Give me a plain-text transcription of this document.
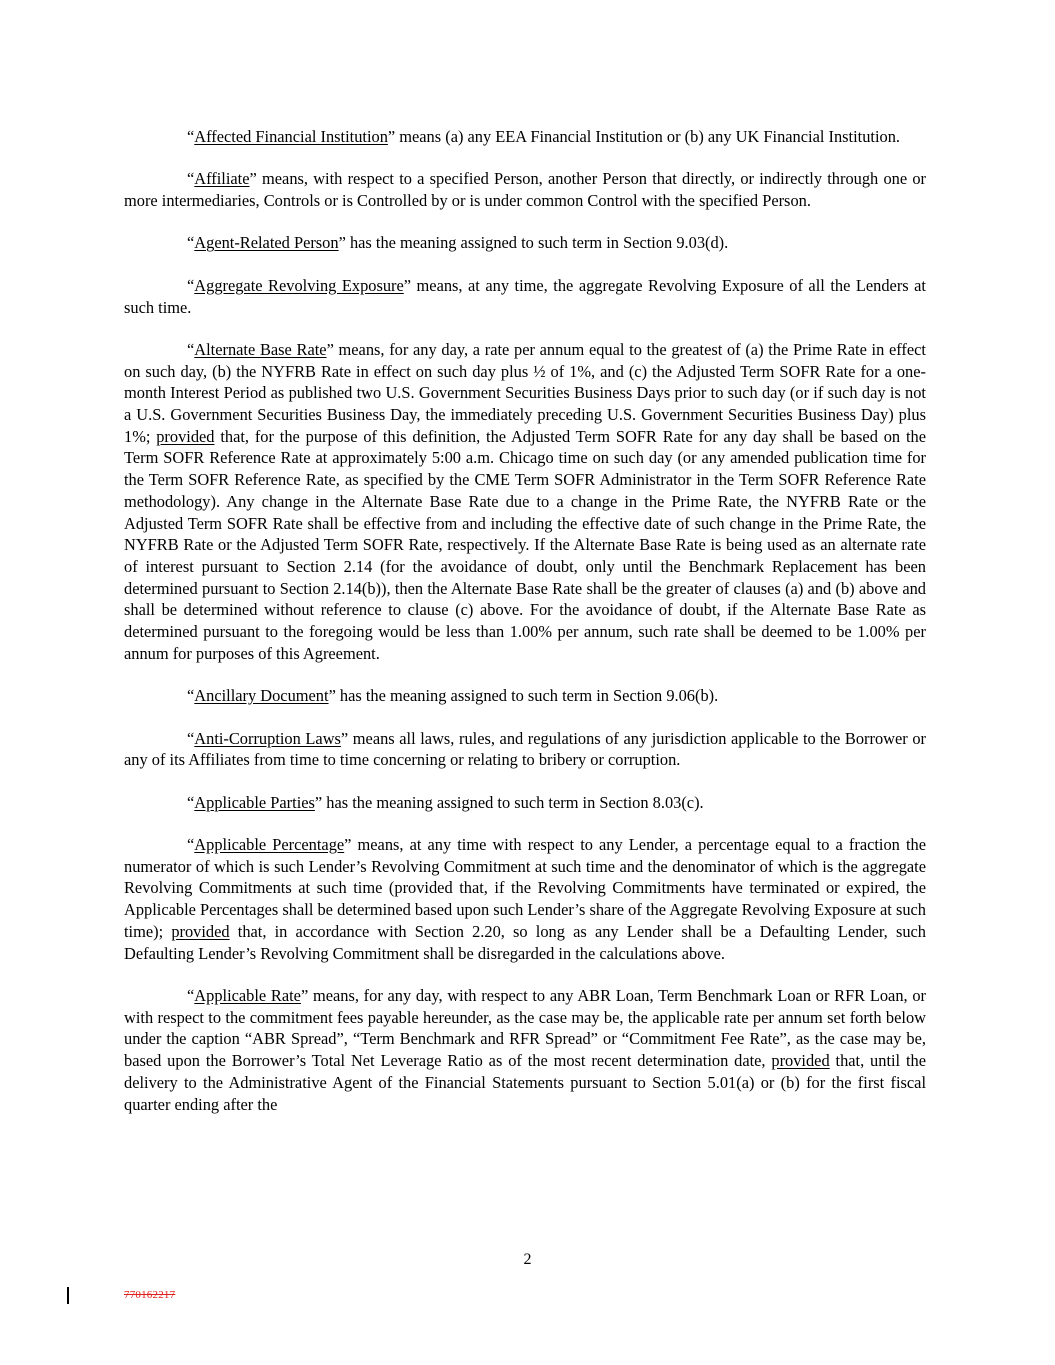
“Affected Financial Institution” means (a) any EEA Financial Institution or (b) any UK Financial Institution.

“Affiliate” means, with respect to a specified Person, another Person that directly, or indirectly through one or more intermediaries, Controls or is Controlled by or is under common Control with the specified Person.

“Agent-Related Person” has the meaning assigned to such term in Section 9.03(d).

“Aggregate Revolving Exposure” means, at any time, the aggregate Revolving Exposure of all the Lenders at such time.

“Alternate Base Rate” means, for any day, a rate per annum equal to the greatest of (a) the Prime Rate in effect on such day, (b) the NYFRB Rate in effect on such day plus ½ of 1%, and (c) the Adjusted Term SOFR Rate for a one-month Interest Period as published two U.S. Government Securities Business Days prior to such day (or if such day is not a U.S. Government Securities Business Day, the immediately preceding U.S. Government Securities Business Day) plus 1%; provided that, for the purpose of this definition, the Adjusted Term SOFR Rate for any day shall be based on the Term SOFR Reference Rate at approximately 5:00 a.m. Chicago time on such day (or any amended publication time for the Term SOFR Reference Rate, as specified by the CME Term SOFR Administrator in the Term SOFR Reference Rate methodology). Any change in the Alternate Base Rate due to a change in the Prime Rate, the NYFRB Rate or the Adjusted Term SOFR Rate shall be effective from and including the effective date of such change in the Prime Rate, the NYFRB Rate or the Adjusted Term SOFR Rate, respectively. If the Alternate Base Rate is being used as an alternate rate of interest pursuant to Section 2.14 (for the avoidance of doubt, only until the Benchmark Replacement has been determined pursuant to Section 2.14(b)), then the Alternate Base Rate shall be the greater of clauses (a) and (b) above and shall be determined without reference to clause (c) above. For the avoidance of doubt, if the Alternate Base Rate as determined pursuant to the foregoing would be less than 1.00% per annum, such rate shall be deemed to be 1.00% per annum for purposes of this Agreement.

“Ancillary Document” has the meaning assigned to such term in Section 9.06(b).

“Anti-Corruption Laws” means all laws, rules, and regulations of any jurisdiction applicable to the Borrower or any of its Affiliates from time to time concerning or relating to bribery or corruption.

“Applicable Parties” has the meaning assigned to such term in Section 8.03(c).

“Applicable Percentage” means, at any time with respect to any Lender, a percentage equal to a fraction the numerator of which is such Lender’s Revolving Commitment at such time and the denominator of which is the aggregate Revolving Commitments at such time (provided that, if the Revolving Commitments have terminated or expired, the Applicable Percentages shall be determined based upon such Lender’s share of the Aggregate Revolving Exposure at such time); provided that, in accordance with Section 2.20, so long as any Lender shall be a Defaulting Lender, such Defaulting Lender’s Revolving Commitment shall be disregarded in the calculations above.

“Applicable Rate” means, for any day, with respect to any ABR Loan, Term Benchmark Loan or RFR Loan, or with respect to the commitment fees payable hereunder, as the case may be, the applicable rate per annum set forth below under the caption “ABR Spread”, “Term Benchmark and RFR Spread” or “Commitment Fee Rate”, as the case may be, based upon the Borrower’s Total Net Leverage Ratio as of the most recent determination date, provided that, until the delivery to the Administrative Agent of the Financial Statements pursuant to Section 5.01(a) or (b) for the first fiscal quarter ending after the

2
770162217
